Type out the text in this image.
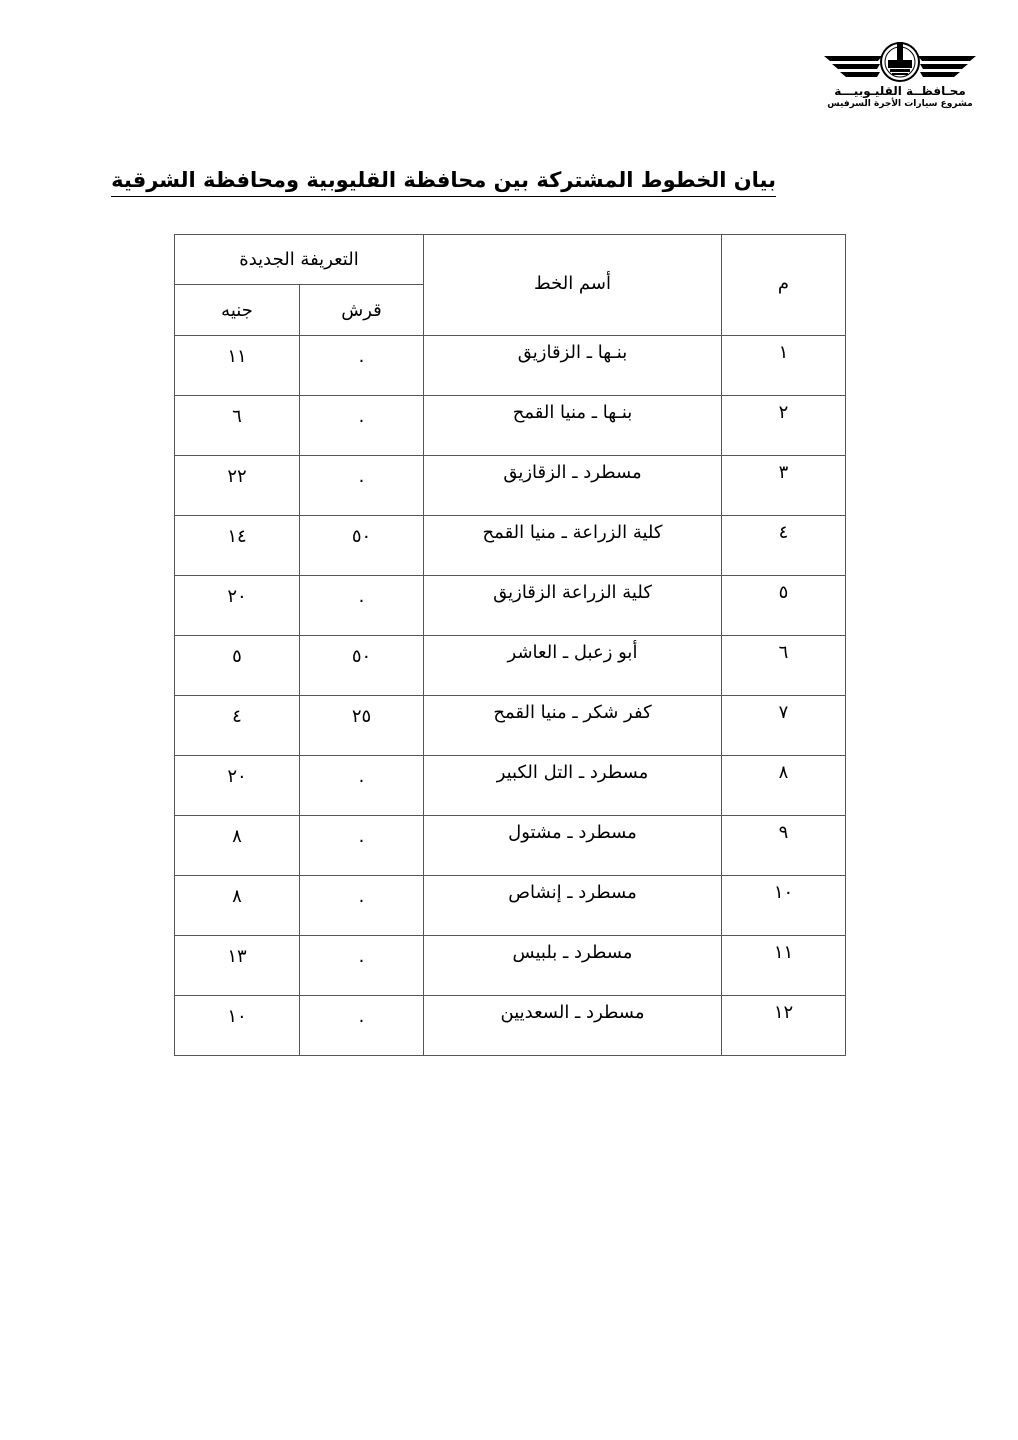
محـافظــة القليـوبيـــة
مشروع سيارات الأجرة السرفيس
بيان الخطوط المشتركة بين محافظة القليوبية ومحافظة الشرقية
م	أسم الخط	التعريفة الجديدة	
		قرش	جنيه
١	بنـها ـ الزقازيق	.	١١
٢	بنـها ـ منيا القمح	.	٦
٣	مسطرد ـ الزقازيق	.	٢٢
٤	كلية الزراعة ـ منيا القمح	٥٠	١٤
٥	كلية الزراعة الزقازيق	.	٢٠
٦	أبو زعبل ـ العاشر	٥٠	٥
٧	كفر شكر ـ منيا القمح	٢٥	٤
٨	مسطرد ـ التل الكبير	.	٢٠
٩	مسطرد ـ مشتول	.	٨
١٠	مسطرد ـ إنشاص	.	٨
١١	مسطرد ـ بلبيس	.	١٣
١٢	مسطرد ـ السعديين	.	١٠
